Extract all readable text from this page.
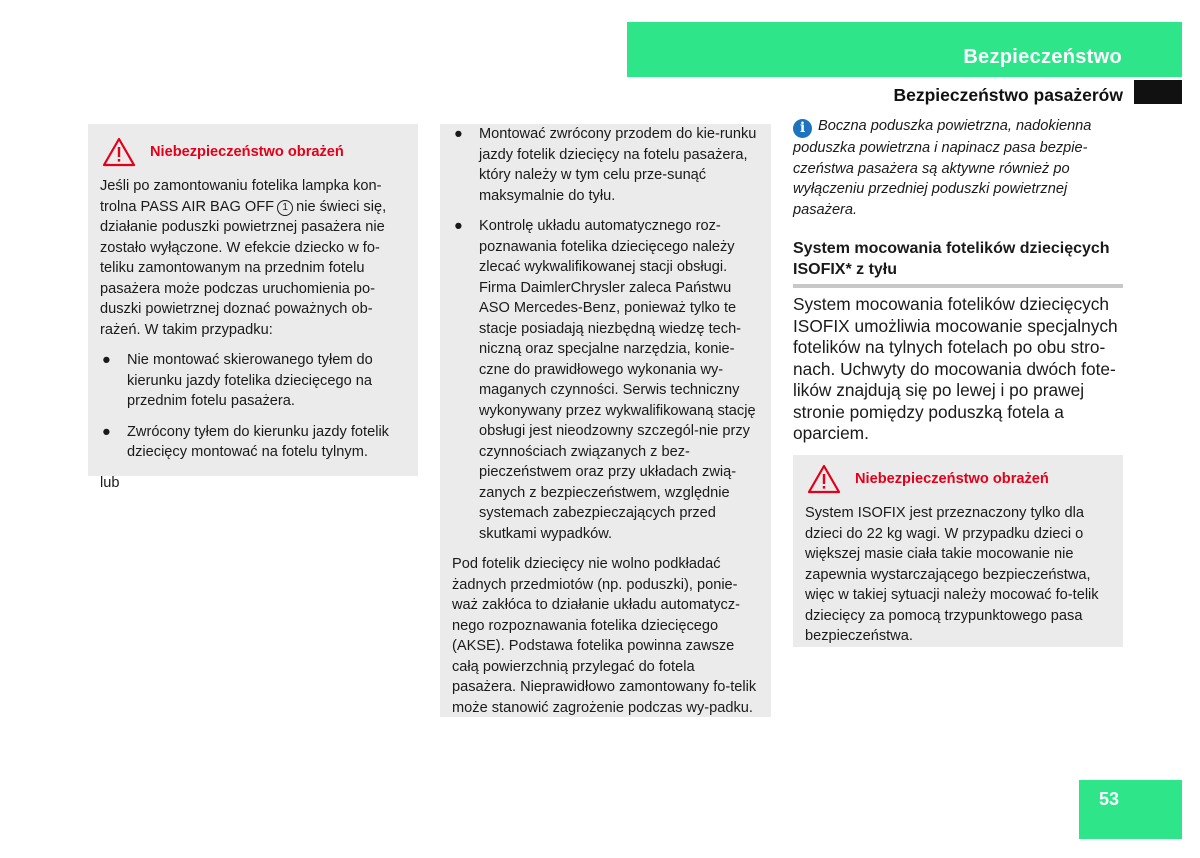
Bezpieczeństwo
Bezpieczeństwo pasażerów
Niebezpieczeństwo obrażeń

Jeśli po zamontowaniu fotelika lampka kon-trolna PASS AIR BAG OFF 1 nie świeci się, działanie poduszki powietrznej pasażera nie zostało wyłączone. W efekcie dziecko w fo-teliku zamontowanym na przednim fotelu pasażera może podczas uruchomienia po-duszki powietrznej doznać poważnych ob-rażeń. W takim przypadku:

● Nie montować skierowanego tyłem do kierunku jazdy fotelika dziecięcego na przednim fotelu pasażera.
● Zwrócony tyłem do kierunku jazdy fotelik dziecięcy montować na fotelu tylnym.

lub

● Montować zwrócony przodem do kie-runku jazdy fotelik dziecięcy na fotelu pasażera, który należy w tym celu prze-sunąć maksymalnie do tyłu.
● Kontrolę układu automatycznego roz-poznawania fotelika dziecięcego należy zlecać wykwalifikowanej stacji obsługi. Firma DaimlerChrysler zaleca Państwu ASO Mercedes-Benz, ponieważ tylko te stacje posiadają niezbędną wiedzę tech-niczną oraz specjalne narzędzia, konie-czne do prawidłowego wykonania wy-maganych czynności. Serwis techniczny wykonywany przez wykwalifikowaną stację obsługi jest nieodzowny szczegól-nie przy czynnościach związanych z bez-pieczeństwem oraz przy układach zwią-zanych z bezpieczeństwem, względnie systemach zabezpieczających przed skutkami wypadków.

Pod fotelik dziecięcy nie wolno podkładać żadnych przedmiotów (np. poduszki), ponie-waż zakłóca to działanie układu automatycz-nego rozpoznawania fotelika dziecięcego (AKSE). Podstawa fotelika powinna zawsze całą powierzchnią przylegać do fotela pasażera. Nieprawidłowo zamontowany fo-telik może stanowić zagrożenie podczas wy-padku.

i Boczna poduszka powietrzna, nadokienna poduszka powietrzna i napinacz pasa bezpie-czeństwa pasażera są aktywne również po wyłączeniu przedniej poduszki powietrznej pasażera.

System mocowania fotelików dziecięcych ISOFIX* z tyłu

System mocowania fotelików dziecięcych ISOFIX umożliwia mocowanie specjalnych fotelików na tylnych fotelach po obu stro-nach. Uchwyty do mocowania dwóch fote-lików znajdują się po lewej i po prawej stronie pomiędzy poduszką fotela a oparciem.

Niebezpieczeństwo obrażeń

System ISOFIX jest przeznaczony tylko dla dzieci do 22 kg wagi. W przypadku dzieci o większej masie ciała takie mocowanie nie zapewnia wystarczającego bezpieczeństwa, więc w takiej sytuacji należy mocować fo-telik dziecięcy za pomocą trzypunktowego pasa bezpieczeństwa.

53
